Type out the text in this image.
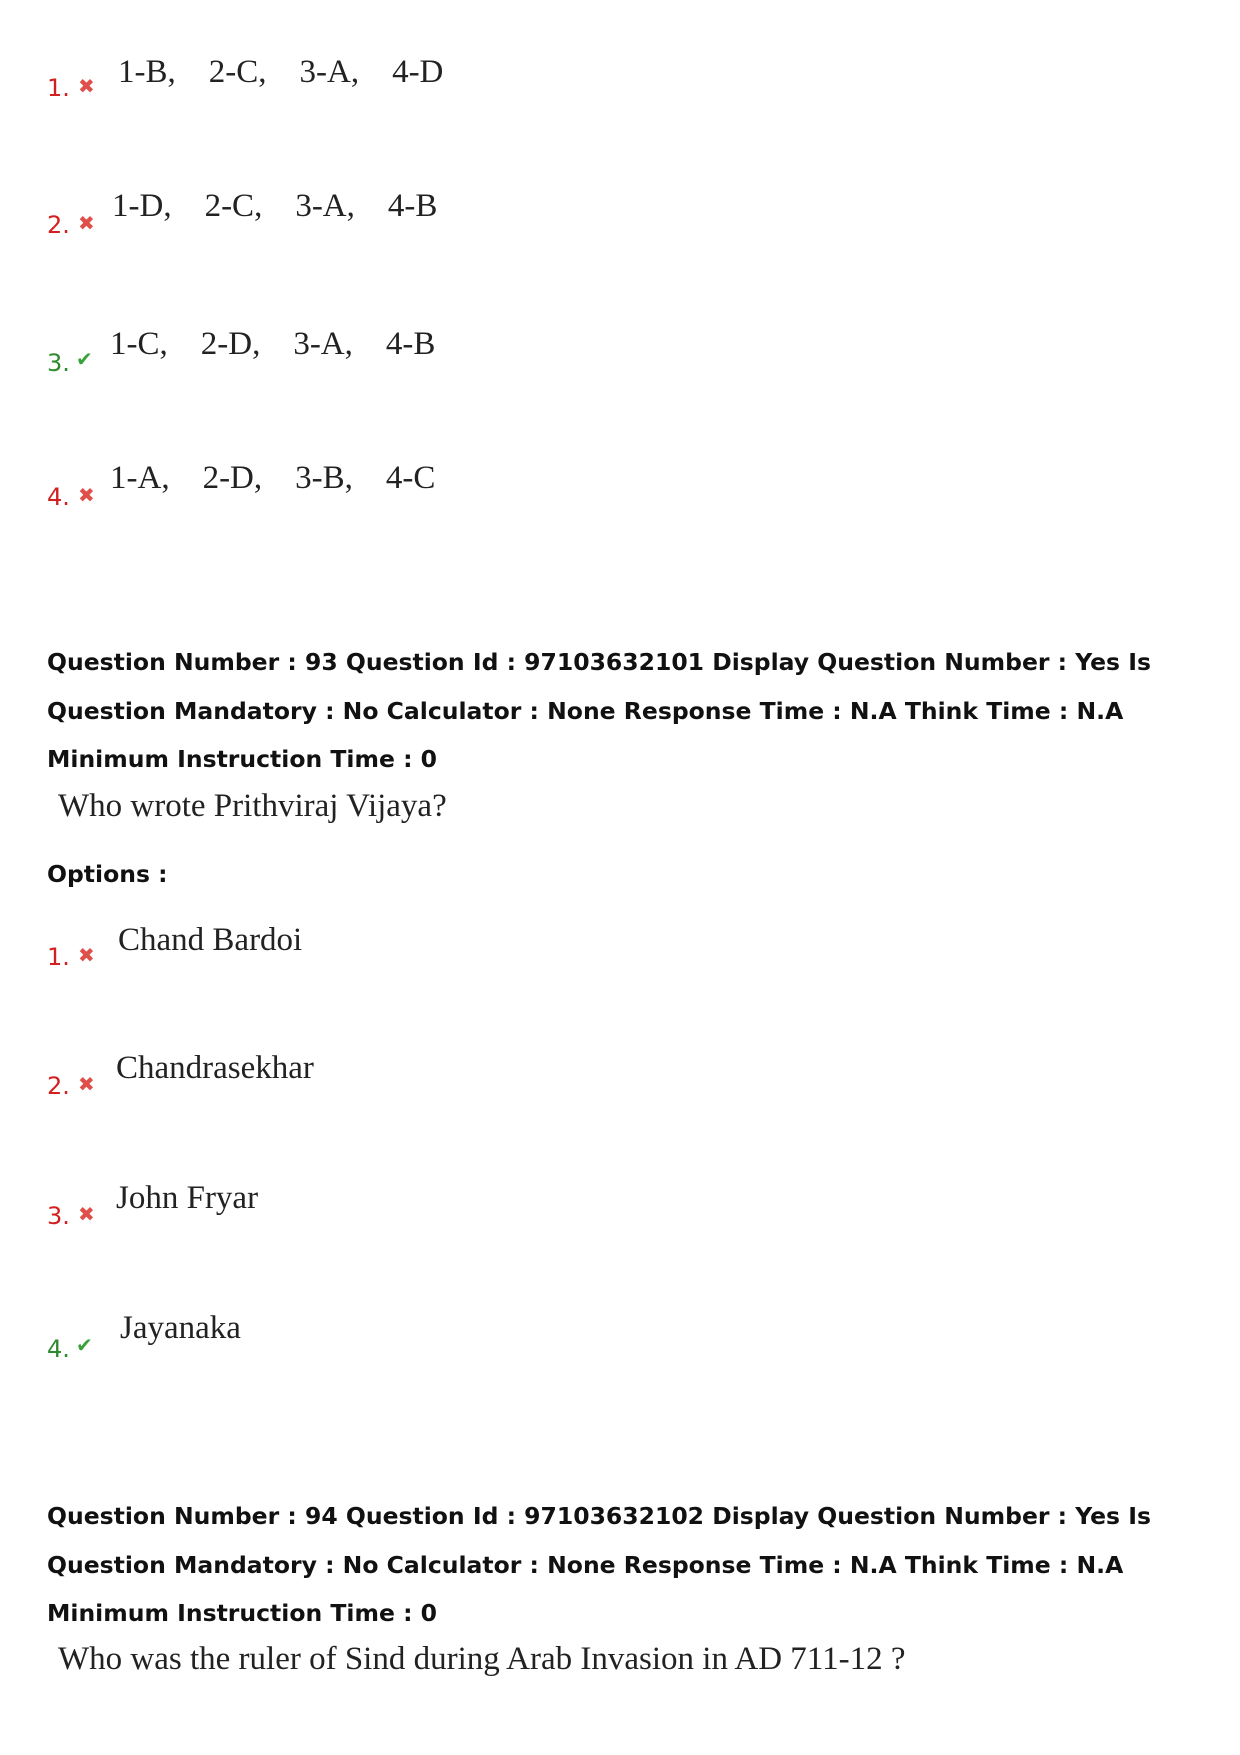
1. ✖ 1-B,    2-C,    3-A,    4-D
2. ✖ 1-D,    2-C,    3-A,    4-B
3. ✔ 1-C,    2-D,    3-A,    4-B
4. ✖ 1-A,    2-D,    3-B,    4-C
Question Number : 93 Question Id : 97103632101 Display Question Number : Yes Is Question Mandatory : No Calculator : None Response Time : N.A Think Time : N.A Minimum Instruction Time : 0
Who wrote Prithviraj Vijaya?
Options :
1. ✖ Chand Bardoi
2. ✖ Chandrasekhar
3. ✖ John Fryar
4. ✔ Jayanaka
Question Number : 94 Question Id : 97103632102 Display Question Number : Yes Is Question Mandatory : No Calculator : None Response Time : N.A Think Time : N.A Minimum Instruction Time : 0
Who was the ruler of Sind during Arab Invasion in AD 711-12 ?
